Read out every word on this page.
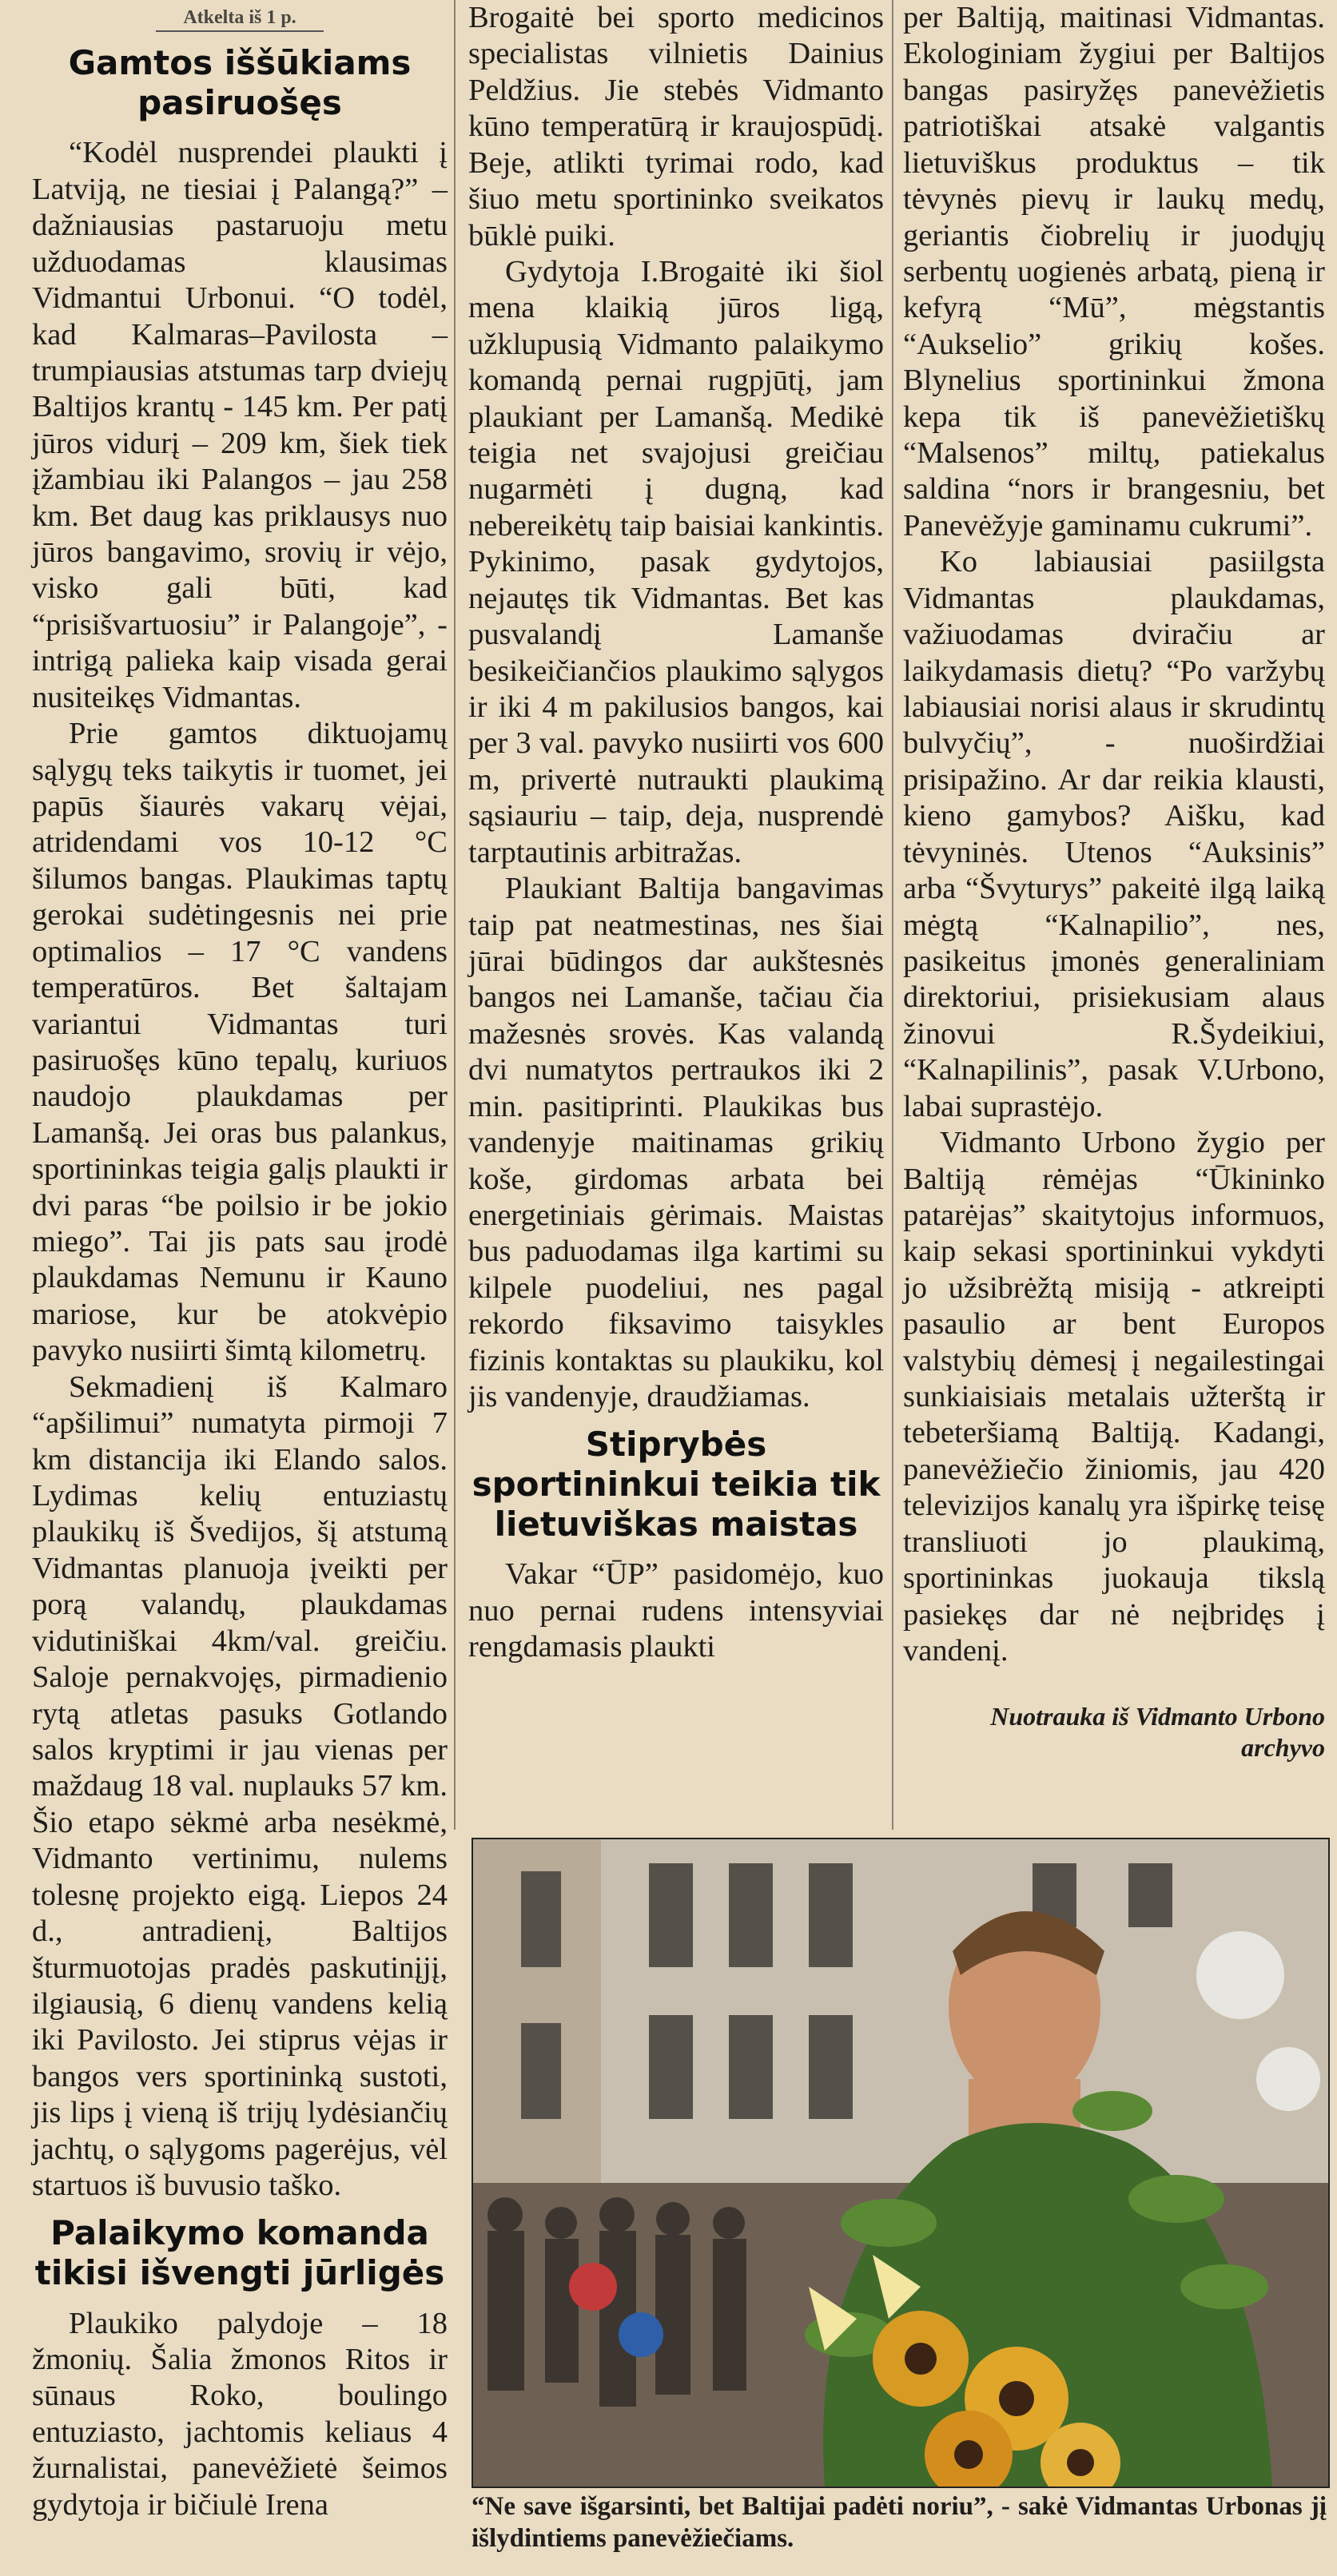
Atkelta iš 1 p.
Gamtos iššūkiams pasiruošęs

“Kodėl nusprendei plaukti į Latviją, ne tiesiai į Palangą?” – dažniausias pastaruoju metu užduodamas klausimas Vidmantui Urbonui. “O todėl, kad Kalmaras–Pavilosta – trumpiausias atstumas tarp dviejų Baltijos krantų - 145 km. Per patį jūros vidurį – 209 km, šiek tiek įžambiau iki Palangos – jau 258 km. Bet daug kas priklausys nuo jūros bangavimo, srovių ir vėjo, visko gali būti, kad “prisišvartuosiu” ir Palangoje”, - intrigą palieka kaip visada gerai nusiteikęs Vidmantas.

Prie gamtos diktuojamų sąlygų teks taikytis ir tuomet, jei papūs šiaurės vakarų vėjai, atridendami vos 10-12 °C šilumos bangas. Plaukimas taptų gerokai sudėtingesnis nei prie optimalios – 17 °C vandens temperatūros. Bet šaltajam variantui Vidmantas turi pasiruošęs kūno tepalų, kuriuos naudojo plaukdamas per Lamanšą. Jei oras bus palankus, sportininkas teigia galįs plaukti ir dvi paras “be poilsio ir be jokio miego”. Tai jis pats sau įrodė plaukdamas Nemunu ir Kauno mariose, kur be atokvėpio pavyko nusiirti šimtą kilometrų.

Sekmadienį iš Kalmaro “apšilimui” numatyta pirmoji 7 km distancija iki Elando salos. Lydimas kelių entuziastų plaukikų iš Švedijos, šį atstumą Vidmantas planuoja įveikti per porą valandų, plaukdamas vidutiniškai 4km/val. greičiu. Saloje pernakvojęs, pirmadienio rytą atletas pasuks Gotlando salos kryptimi ir jau vienas per maždaug 18 val. nuplauks 57 km. Šio etapo sėkmė arba nesėkmė, Vidmanto vertinimu, nulems tolesnę projekto eigą. Liepos 24 d., antradienį, Baltijos šturmuotojas pradės paskutinįjį, ilgiausią, 6 dienų vandens kelią iki Pavilosto. Jei stiprus vėjas ir bangos vers sportininką sustoti, jis lips į vieną iš trijų lydėsiančių jachtų, o sąlygoms pagerėjus, vėl startuos iš buvusio taško.

Palaikymo komanda tikisi išvengti jūrligės

Plaukiko palydoje – 18 žmonių. Šalia žmonos Ritos ir sūnaus Roko, boulingo entuziasto, jachtomis keliaus 4 žurnalistai, panevėžietė šeimos gydytoja ir bičiulė Irena

Brogaitė bei sporto medicinos specialistas vilnietis Dainius Peldžius. Jie stebės Vidmanto kūno temperatūrą ir kraujospūdį. Beje, atlikti tyrimai rodo, kad šiuo metu sportininko sveikatos būklė puiki.

Gydytoja I.Brogaitė iki šiol mena klaikią jūros ligą, užklupusią Vidmanto palaikymo komandą pernai rugpjūtį, jam plaukiant per Lamanšą. Medikė teigia net svajojusi greičiau nugarmėti į dugną, kad nebereikėtų taip baisiai kankintis. Pykinimo, pasak gydytojos, nejautęs tik Vidmantas. Bet kas pusvalandį Lamanše besikeičiančios plaukimo sąlygos ir iki 4 m pakilusios bangos, kai per 3 val. pavyko nusiirti vos 600 m, privertė nutraukti plaukimą sąsiauriu – taip, deja, nusprendė tarptautinis arbitražas.

Plaukiant Baltija bangavimas taip pat neatmestinas, nes šiai jūrai būdingos dar aukštesnės bangos nei Lamanše, tačiau čia mažesnės srovės. Kas valandą dvi numatytos pertraukos iki 2 min. pasitiprinti. Plaukikas bus vandenyje maitinamas grikių koše, girdomas arbata bei energetiniais gėrimais. Maistas bus paduodamas ilga kartimi su kilpele puodeliui, nes pagal rekordo fiksavimo taisykles fizinis kontaktas su plaukiku, kol jis vandenyje, draudžiamas.

Stiprybės sportininkui teikia tik lietuviškas maistas

Vakar “ŪP” pasidomėjo, kuo nuo pernai rudens intensyviai rengdamasis plaukti

per Baltiją, maitinasi Vidmantas. Ekologiniam žygiui per Baltijos bangas pasiryžęs panevėžietis patriotiškai atsakė valgantis lietuviškus produktus – tik tėvynės pievų ir laukų medų, geriantis čiobrelių ir juodųjų serbentų uogienės arbatą, pieną ir kefyrą “Mū”, mėgstantis “Aukselio” grikių košes. Blynelius sportininkui žmona kepa tik iš panevėžietiškų “Malsenos” miltų, patiekalus saldina “nors ir brangesniu, bet Panevėžyje gaminamu cukrumi”.

Ko labiausiai pasiilgsta Vidmantas plaukdamas, važiuodamas dviračiu ar laikydamasis dietų? “Po varžybų labiausiai norisi alaus ir skrudintų bulvyčių”, - nuoširdžiai prisipažino. Ar dar reikia klausti, kieno gamybos? Aišku, kad tėvyninės. Utenos “Auksinis” arba “Švyturys” pakeitė ilgą laiką mėgtą “Kalnapilio”, nes, pasikeitus įmonės generaliniam direktoriui, prisiekusiam alaus žinovui R.Šydeikiui, “Kalnapilinis”, pasak V.Urbono, labai suprastėjo.

Vidmanto Urbono žygio per Baltiją rėmėjas “Ūkininko patarėjas” skaitytojus informuos, kaip sekasi sportininkui vykdyti jo užsibrėžtą misiją - atkreipti pasaulio ar bent Europos valstybių dėmesį į negailestingai sunkiaisiais metalais užterštą ir tebeteršiamą Baltiją. Kadangi, panevėžiečio žiniomis, jau 420 televizijos kanalų yra išpirkę teisę transliuoti jo plaukimą, sportininkas juokauja tikslą pasiekęs dar nė neįbridęs į vandenį.

Nuotrauka iš Vidmanto Urbono archyvo
“Ne save išgarsinti, bet Baltijai padėti noriu”, - sakė Vidmantas Urbonas jį išlydintiems panevėžiečiams.
